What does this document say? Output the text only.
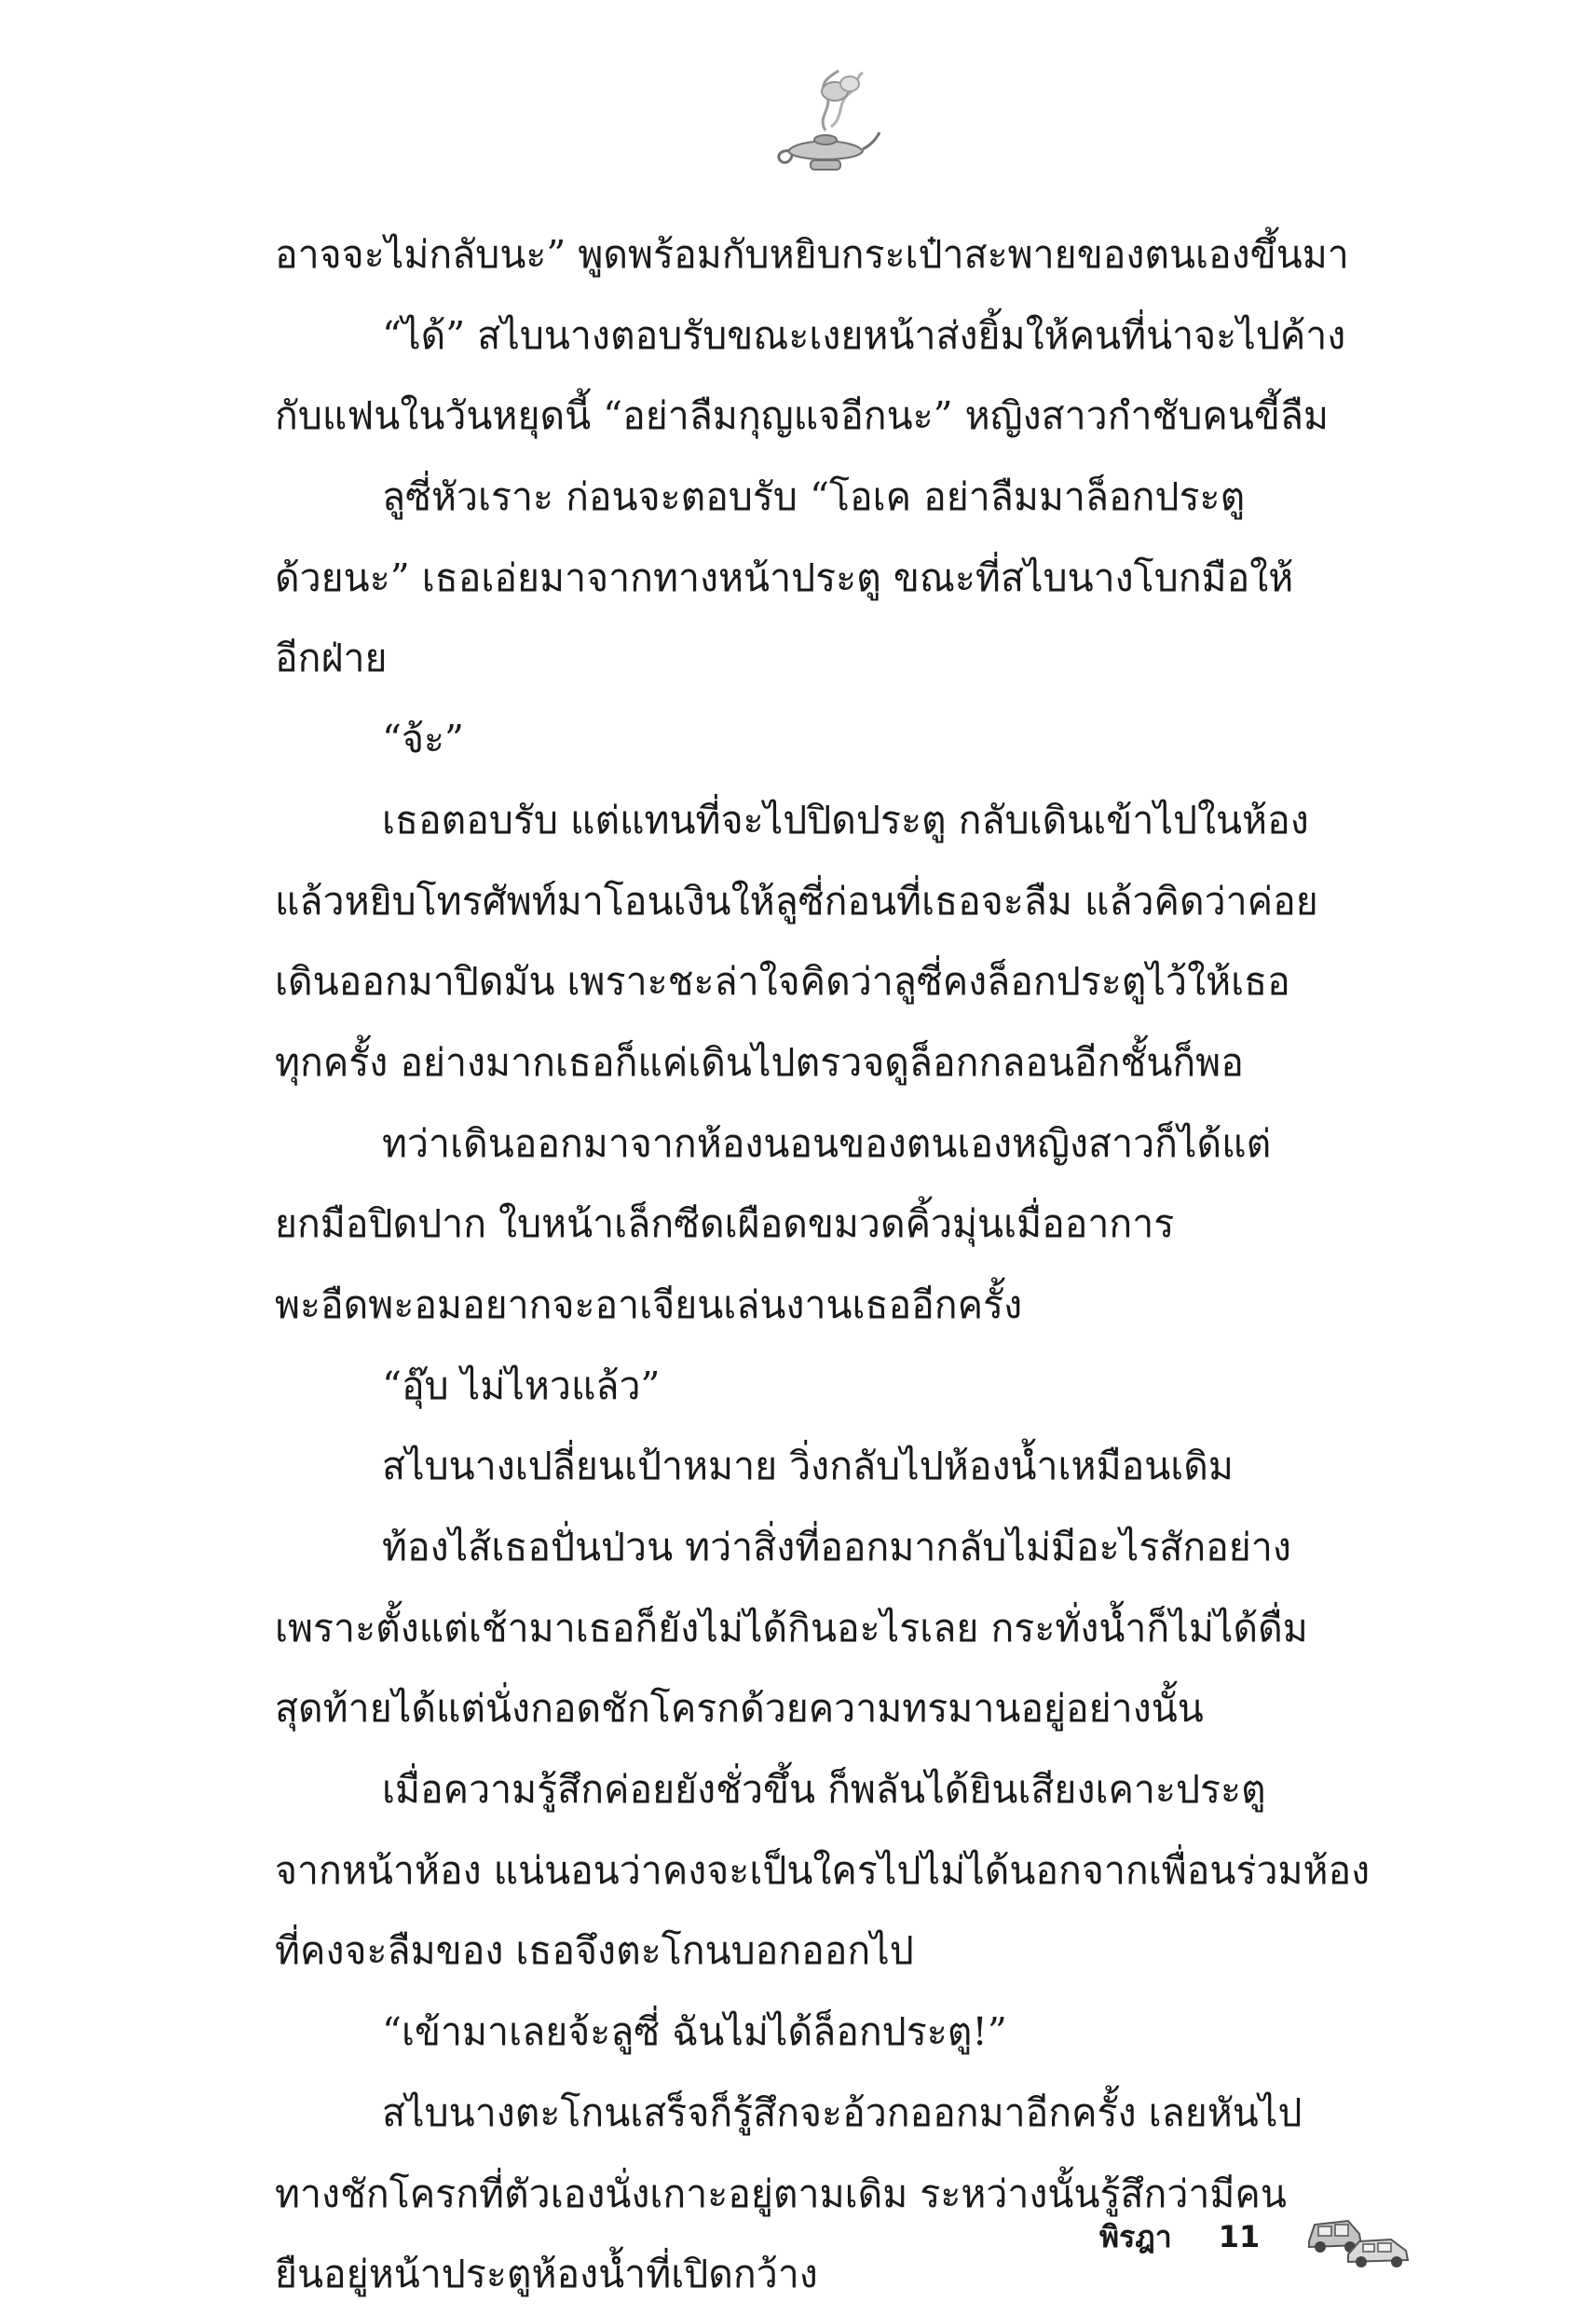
อาจจะไม่กลับนะ” พูดพร้อมกับหยิบกระเป๋าสะพายของตนเองขึ้นมา
“ได้” สไบนางตอบรับขณะเงยหน้าส่งยิ้มให้คนที่น่าจะไปค้าง
กับแฟนในวันหยุดนี้ “อย่าลืมกุญแจอีกนะ” หญิงสาวกำชับคนขี้ลืม
ลูซี่หัวเราะ ก่อนจะตอบรับ “โอเค อย่าลืมมาล็อกประตู
ด้วยนะ” เธอเอ่ยมาจากทางหน้าประตู ขณะที่สไบนางโบกมือให้
อีกฝ่าย
“จ้ะ”
เธอตอบรับ แต่แทนที่จะไปปิดประตู กลับเดินเข้าไปในห้อง
แล้วหยิบโทรศัพท์มาโอนเงินให้ลูซี่ก่อนที่เธอจะลืม แล้วคิดว่าค่อย
เดินออกมาปิดมัน เพราะชะล่าใจคิดว่าลูซี่คงล็อกประตูไว้ให้เธอ
ทุกครั้ง อย่างมากเธอก็แค่เดินไปตรวจดูล็อกกลอนอีกชั้นก็พอ
ทว่าเดินออกมาจากห้องนอนของตนเองหญิงสาวก็ได้แต่
ยกมือปิดปาก ใบหน้าเล็กซีดเผือดขมวดคิ้วมุ่นเมื่ออาการ
พะอืดพะอมอยากจะอาเจียนเล่นงานเธออีกครั้ง
“อุ๊บ ไม่ไหวแล้ว”
สไบนางเปลี่ยนเป้าหมาย วิ่งกลับไปห้องน้ำเหมือนเดิม
ท้องไส้เธอปั่นป่วน ทว่าสิ่งที่ออกมากลับไม่มีอะไรสักอย่าง
เพราะตั้งแต่เช้ามาเธอก็ยังไม่ได้กินอะไรเลย กระทั่งน้ำก็ไม่ได้ดื่ม
สุดท้ายได้แต่นั่งกอดชักโครกด้วยความทรมานอยู่อย่างนั้น
เมื่อความรู้สึกค่อยยังชั่วขึ้น ก็พลันได้ยินเสียงเคาะประตู
จากหน้าห้อง แน่นอนว่าคงจะเป็นใครไปไม่ได้นอกจากเพื่อนร่วมห้อง
ที่คงจะลืมของ เธอจึงตะโกนบอกออกไป
“เข้ามาเลยจ้ะลูซี่ ฉันไม่ได้ล็อกประตู!”
สไบนางตะโกนเสร็จก็รู้สึกจะอ้วกออกมาอีกครั้ง เลยหันไป
ทางชักโครกที่ตัวเองนั่งเกาะอยู่ตามเดิม ระหว่างนั้นรู้สึกว่ามีคน
ยืนอยู่หน้าประตูห้องน้ำที่เปิดกว้าง
พิรฎา 11
